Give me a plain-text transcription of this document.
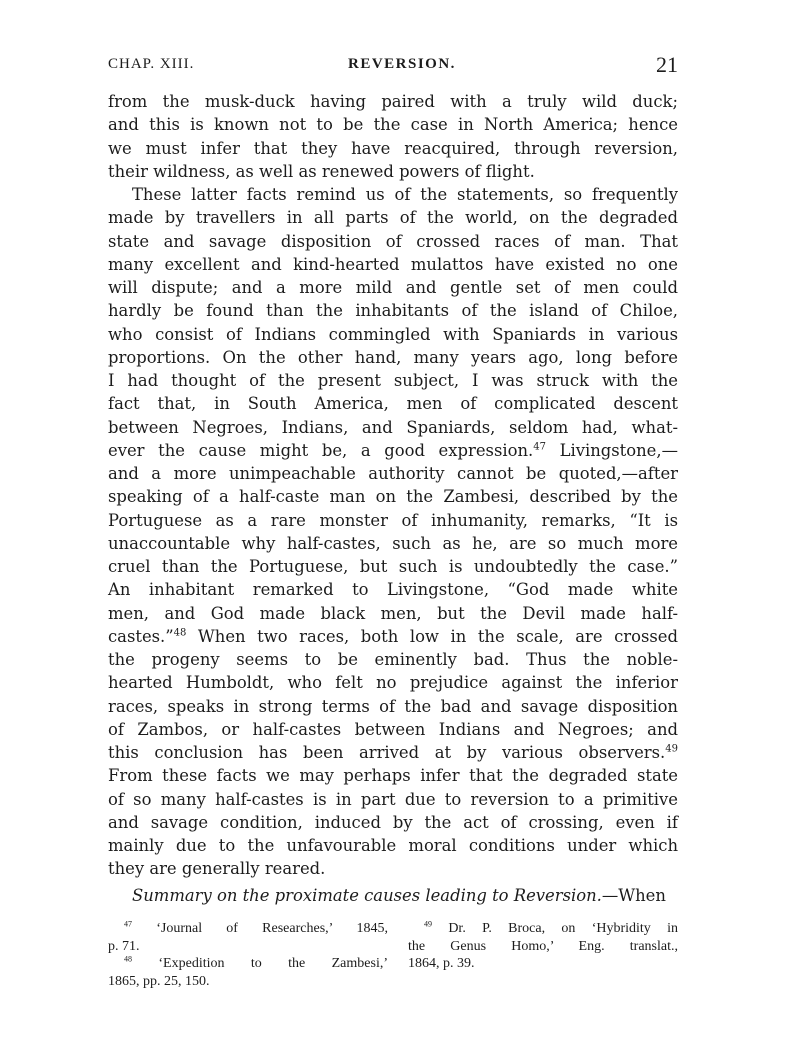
CHAP. XIII.	REVERSION.	21
from the musk-duck having paired with a truly wild duck;
and this is known not to be the case in North America; hence
we must infer that they have reacquired, through reversion,
their wildness, as well as renewed powers of flight.
These latter facts remind us of the statements, so frequently
made by travellers in all parts of the world, on the degraded
state and savage disposition of crossed races of man. That
many excellent and kind-hearted mulattos have existed no one
will dispute; and a more mild and gentle set of men could
hardly be found than the inhabitants of the island of Chiloe,
who consist of Indians commingled with Spaniards in various
proportions. On the other hand, many years ago, long before
I had thought of the present subject, I was struck with the
fact that, in South America, men of complicated descent
between Negroes, Indians, and Spaniards, seldom had, what-
ever the cause might be, a good expression.$^{47}$ Livingstone,—
and a more unimpeachable authority cannot be quoted,—after
speaking of a half-caste man on the Zambesi, described by the
Portuguese as a rare monster of inhumanity, remarks, “It is
unaccountable why half-castes, such as he, are so much more
cruel than the Portuguese, but such is undoubtedly the case.”
An inhabitant remarked to Livingstone, “God made white
men, and God made black men, but the Devil made half-
castes.”$^{48}$ When two races, both low in the scale, are crossed
the progeny seems to be eminently bad. Thus the noble-
hearted Humboldt, who felt no prejudice against the inferior
races, speaks in strong terms of the bad and savage disposition
of Zambos, or half-castes between Indians and Negroes; and
this conclusion has been arrived at by various observers.$^{49}$
From these facts we may perhaps infer that the degraded state
of so many half-castes is in part due to reversion to a primitive
and savage condition, induced by the act of crossing, even if
mainly due to the unfavourable moral conditions under which
they are generally reared.
Summary on the proximate causes leading to Reversion.—When
$^{47}$ ‘Journal of Researches,’ 1845,
p. 71.
$^{48}$ ‘Expedition to the Zambesi,’
1865, pp. 25, 150.
$^{49}$ Dr. P. Broca, on ‘Hybridity in
the Genus Homo,’ Eng. translat.,
1864, p. 39.
